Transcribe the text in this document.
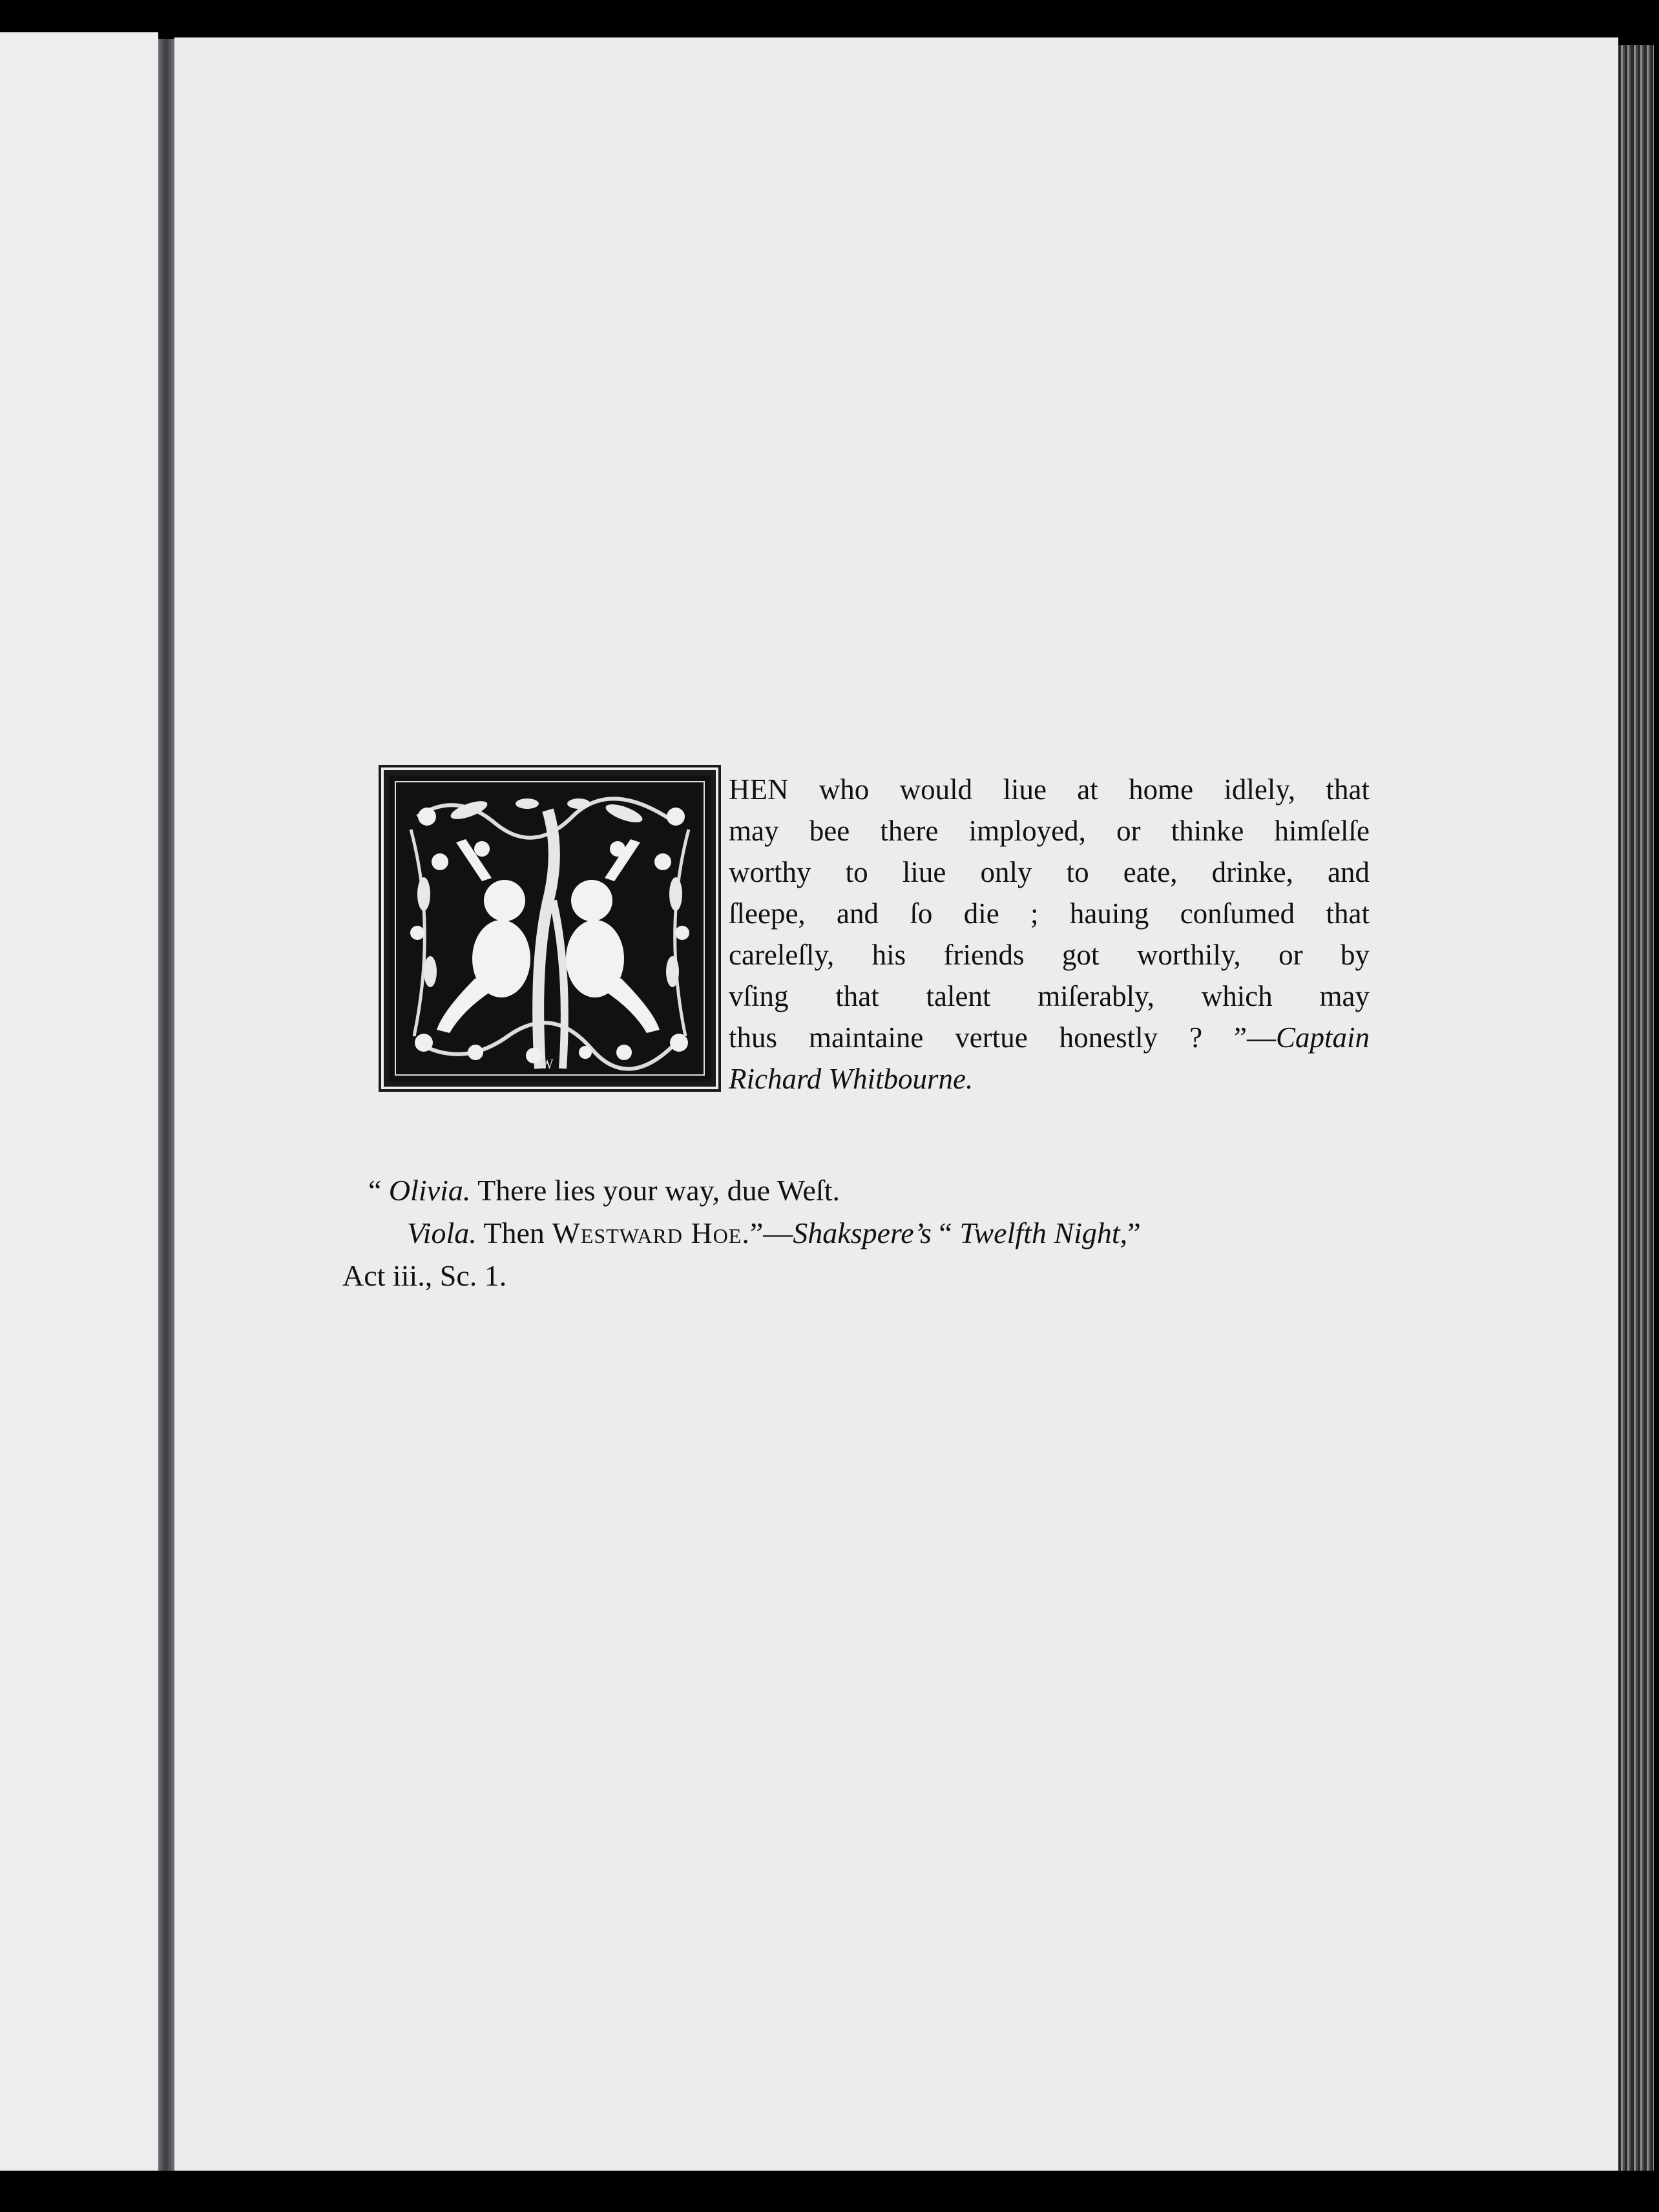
W
HEN who would liue at home idlely, that
may bee there imployed, or thinke himſelſe
worthy to liue only to eate, drinke, and
ſleepe, and ſo die ; hauing conſumed that
careleſly, his friends got worthily, or by
vſing that talent miſerably, which may
thus maintaine vertue honestly ? ”—Captain
Richard Whitbourne.
“ Olivia. There lies your way, due Weſt.
Viola. Then Westward Hoe.”—Shakspere’s “ Twelfth Night,”
Act iii., Sc. 1.
